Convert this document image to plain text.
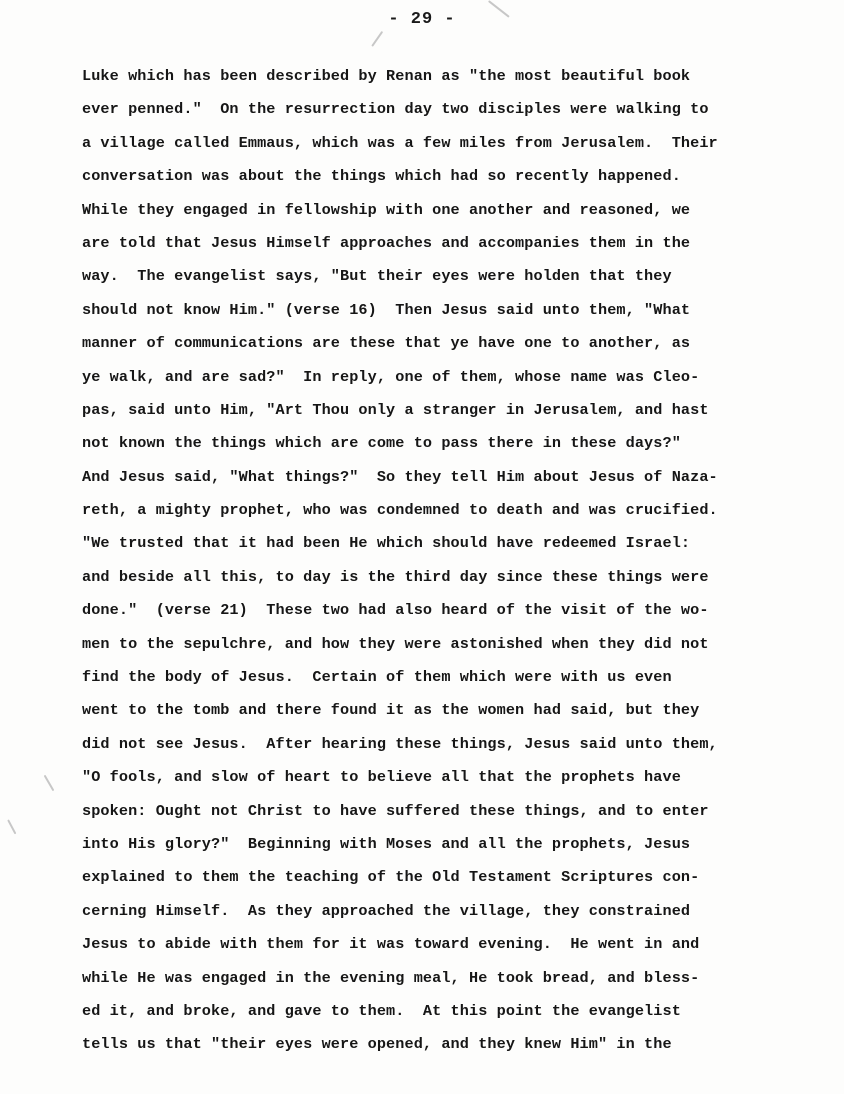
- 29 -
Luke which has been described by Renan as "the most beautiful book
ever penned."  On the resurrection day two disciples were walking to
a village called Emmaus, which was a few miles from Jerusalem.  Their
conversation was about the things which had so recently happened.
While they engaged in fellowship with one another and reasoned, we
are told that Jesus Himself approaches and accompanies them in the
way.  The evangelist says, "But their eyes were holden that they
should not know Him." (verse 16)  Then Jesus said unto them, "What
manner of communications are these that ye have one to another, as
ye walk, and are sad?"  In reply, one of them, whose name was Cleo-
pas, said unto Him, "Art Thou only a stranger in Jerusalem, and hast
not known the things which are come to pass there in these days?"
And Jesus said, "What things?"  So they tell Him about Jesus of Naza-
reth, a mighty prophet, who was condemned to death and was crucified.
"We trusted that it had been He which should have redeemed Israel:
and beside all this, to day is the third day since these things were
done."  (verse 21)  These two had also heard of the visit of the wo-
men to the sepulchre, and how they were astonished when they did not
find the body of Jesus.  Certain of them which were with us even
went to the tomb and there found it as the women had said, but they
did not see Jesus.  After hearing these things, Jesus said unto them,
"O fools, and slow of heart to believe all that the prophets have
spoken: Ought not Christ to have suffered these things, and to enter
into His glory?"  Beginning with Moses and all the prophets, Jesus
explained to them the teaching of the Old Testament Scriptures con-
cerning Himself.  As they approached the village, they constrained
Jesus to abide with them for it was toward evening.  He went in and
while He was engaged in the evening meal, He took bread, and bless-
ed it, and broke, and gave to them.  At this point the evangelist
tells us that "their eyes were opened, and they knew Him" in the
